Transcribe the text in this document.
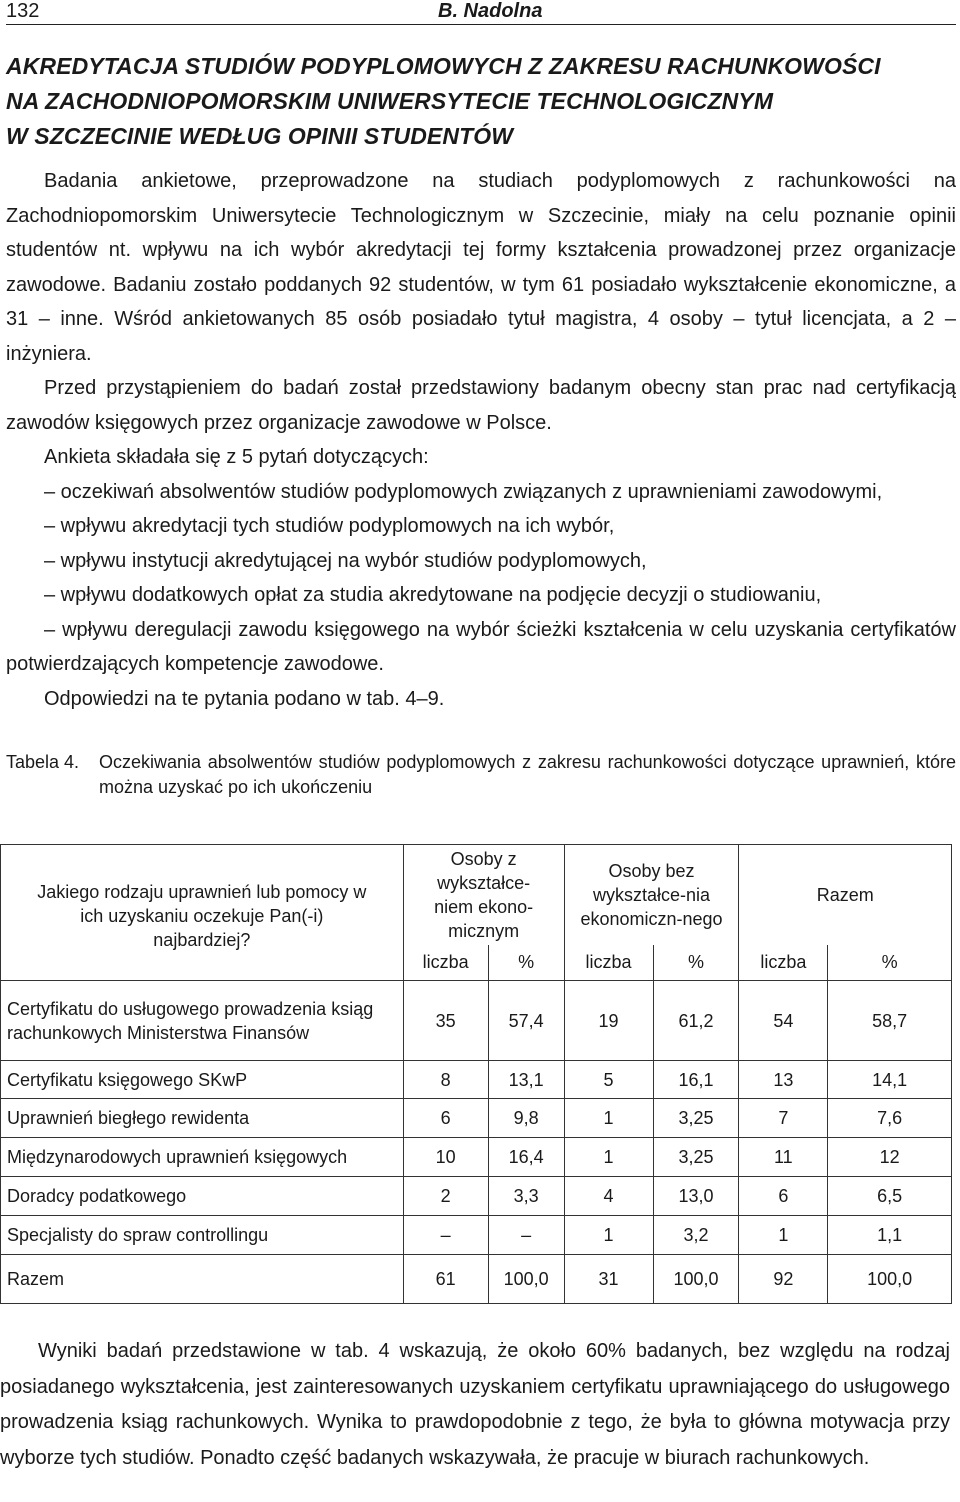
132	B. Nadolna
AKREDYTACJA STUDIÓW PODYPLOMOWYCH Z ZAKRESU RACHUNKOWOŚCI
NA ZACHODNIOPOMORSKIM UNIWERSYTECIE TECHNOLOGICZNYM
W SZCZECINIE WEDŁUG OPINII STUDENTÓW

Badania ankietowe, przeprowadzone na studiach podyplomowych z rachunkowości na Zachodniopomorskim Uniwersytecie Technologicznym w Szczecinie, miały na celu poznanie opinii studentów nt. wpływu na ich wybór akredytacji tej formy kształcenia prowadzonej przez organizacje zawodowe. Badaniu zostało poddanych 92 studentów, w tym 61 posiadało wykształcenie ekonomiczne, a 31 – inne. Wśród ankietowanych 85 osób posiadało tytuł magistra, 4 osoby – tytuł licencjata, a 2 – inżyniera.

Przed przystąpieniem do badań został przedstawiony badanym obecny stan prac nad certyfikacją zawodów księgowych przez organizacje zawodowe w Polsce.

Ankieta składała się z 5 pytań dotyczących:

– oczekiwań absolwentów studiów podyplomowych związanych z uprawnieniami zawodowymi,

– wpływu akredytacji tych studiów podyplomowych na ich wybór,

– wpływu instytucji akredytującej na wybór studiów podyplomowych,

– wpływu dodatkowych opłat za studia akredytowane na podjęcie decyzji o studiowaniu,

– wpływu deregulacji zawodu księgowego na wybór ścieżki kształcenia w celu uzyskania certyfikatów potwierdzających kompetencje zawodowe.

Odpowiedzi na te pytania podano w tab. 4–9.

Tabela 4. Oczekiwania absolwentów studiów podyplomowych z zakresu rachunkowości dotyczące uprawnień, które można uzyskać po ich ukończeniu
Jakiego rodzaju uprawnień lub pomocy w ich uzyskaniu oczekuje Pan(-i) najbardziej?	Osoby z wykształce-niem ekono-micznym		Osoby bez wykształce-nia ekonomiczn-nego		Razem	
	liczba	%	liczba	%	liczba	%
Certyfikatu do usługowego prowadzenia ksiąg rachunkowych Ministerstwa Finansów	35	57,4	19	61,2	54	58,7
Certyfikatu księgowego SKwP	8	13,1	5	16,1	13	14,1
Uprawnień biegłego rewidenta	6	9,8	1	3,25	7	7,6
Międzynarodowych uprawnień księgowych	10	16,4	1	3,25	11	12
Doradcy podatkowego	2	3,3	4	13,0	6	6,5
Specjalisty do spraw controllingu	–	–	1	3,2	1	1,1
Razem	61	100,0	31	100,0	92	100,0

Wyniki badań przedstawione w tab. 4 wskazują, że około 60% badanych, bez względu na rodzaj posiadanego wykształcenia, jest zainteresowanych uzyskaniem certyfikatu uprawniającego do usługowego prowadzenia ksiąg rachunkowych. Wynika to prawdopodobnie z tego, że była to główna motywacja przy wyborze tych studiów. Ponadto część badanych wskazywała, że pracuje w biurach rachunkowych.
